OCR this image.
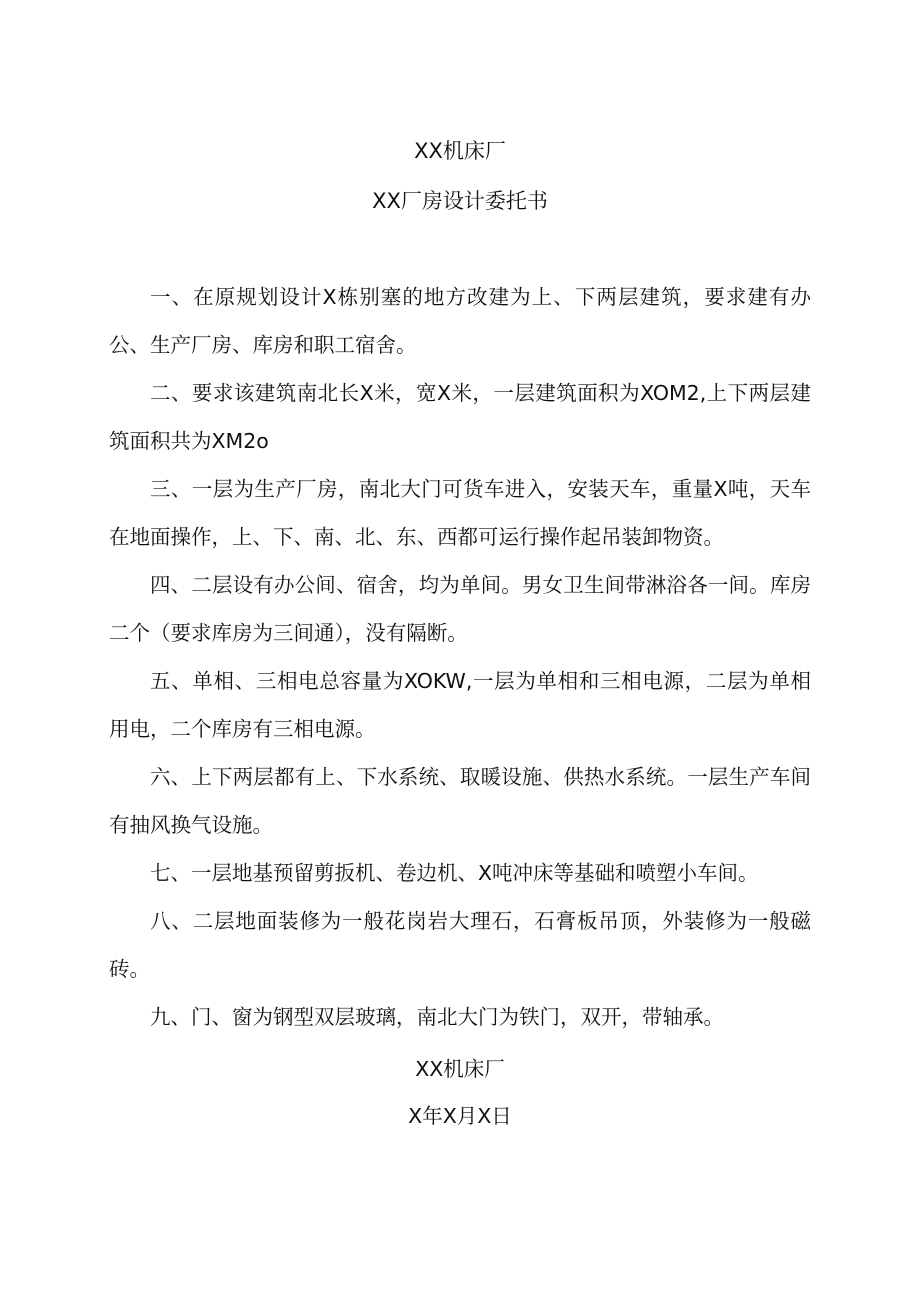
XX机床厂
XX厂房设计委托书

一、在原规划设计X栋别塞的地方改建为上、下两层建筑，要求建有办公、生产厂房、库房和职工宿舍。

二、要求该建筑南北长X米，宽X米，一层建筑面积为XOM2,上下两层建筑面积共为XM2o

三、一层为生产厂房，南北大门可货车进入，安装天车，重量X吨，天车在地面操作，上、下、南、北、东、西都可运行操作起吊装卸物资。

四、二层设有办公间、宿舍，均为单间。男女卫生间带淋浴各一间。库房二个（要求库房为三间通），没有隔断。

五、单相、三相电总容量为XOKW,一层为单相和三相电源，二层为单相用电，二个库房有三相电源。

六、上下两层都有上、下水系统、取暖设施、供热水系统。一层生产车间有抽风换气设施。

七、一层地基预留剪扳机、卷边机、X吨冲床等基础和喷塑小车间。

八、二层地面装修为一般花岗岩大理石，石膏板吊顶，外装修为一般磁砖。

九、门、窗为钢型双层玻璃，南北大门为铁门，双开，带轴承。

XX机床厂
X年X月X日
